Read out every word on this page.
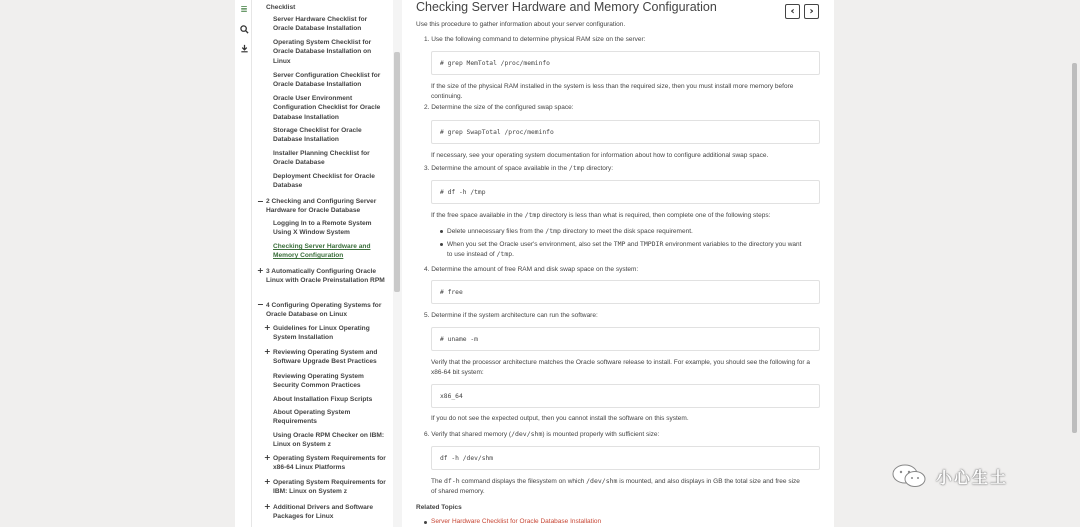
≣	Checklist
Server Hardware Checklist for Oracle Database Installation
Operating System Checklist for Oracle Database Installation on Linux
Server Configuration Checklist for Oracle Database Installation
Oracle User Environment Configuration Checklist for Oracle Database Installation
Storage Checklist for Oracle Database Installation
Installer Planning Checklist for Oracle Database
Deployment Checklist for Oracle Database
− 2 Checking and Configuring Server Hardware for Oracle Database
Logging In to a Remote System Using X Window System
Checking Server Hardware and Memory Configuration
+ 3 Automatically Configuring Oracle Linux with Oracle Preinstallation RPM
− 4 Configuring Operating Systems for Oracle Database on Linux
+ Guidelines for Linux Operating System Installation
+ Reviewing Operating System and Software Upgrade Best Practices
Reviewing Operating System Security Common Practices
About Installation Fixup Scripts
About Operating System Requirements
Using Oracle RPM Checker on IBM: Linux on System z
+ Operating System Requirements for x86-64 Linux Platforms
+ Operating System Requirements for IBM: Linux on System z
+ Additional Drivers and Software Packages for Linux
Checking Server Hardware and Memory Configuration	‹	›
Use this procedure to gather information about your server configuration.
1. Use the following command to determine physical RAM size on the server:
# grep MemTotal /proc/meminfo
If the size of the physical RAM installed in the system is less than the required size, then you must install more memory before continuing.
2. Determine the size of the configured swap space:
# grep SwapTotal /proc/meminfo
If necessary, see your operating system documentation for information about how to configure additional swap space.
3. Determine the amount of space available in the /tmp directory:
# df -h /tmp
If the free space available in the /tmp directory is less than what is required, then complete one of the following steps:
Delete unnecessary files from the /tmp directory to meet the disk space requirement.
When you set the Oracle user's environment, also set the TMP and TMPDIR environment variables to the directory you want
to use instead of /tmp.
4. Determine the amount of free RAM and disk swap space on the system:
# free
5. Determine if the system architecture can run the software:
# uname -m
Verify that the processor architecture matches the Oracle software release to install. For example, you should see the following for a x86-64 bit system:
x86_64
If you do not see the expected output, then you cannot install the software on this system.
6. Verify that shared memory (/dev/shm) is mounted properly with sufficient size:
df -h /dev/shm
The df-h command displays the filesystem on which /dev/shm is mounted, and also displays in GB the total size and free size
of shared memory.
Related Topics
Server Hardware Checklist for Oracle Database Installation
小心生土
